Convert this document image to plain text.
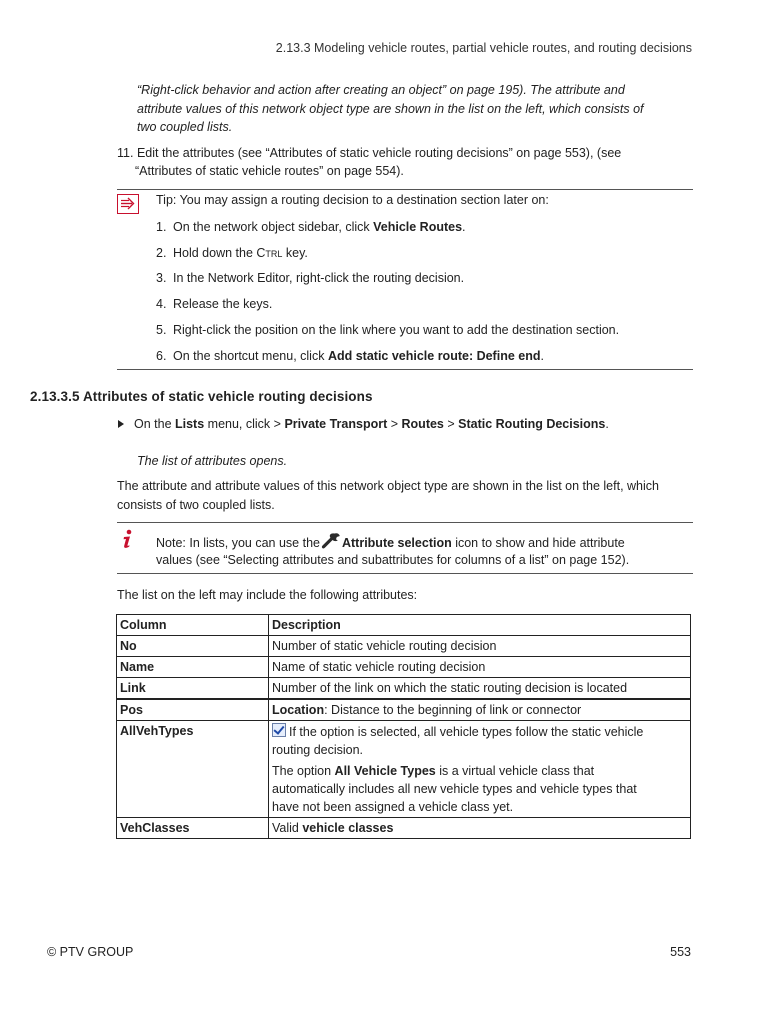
2.13.3 Modeling vehicle routes, partial vehicle routes, and routing decisions
“Right-click behavior and action after creating an object” on page 195). The attribute and
attribute values of this network object type are shown in the list on the left, which consists of
two coupled lists.
11. Edit the attributes (see “Attributes of static vehicle routing decisions” on page 553), (see
“Attributes of static vehicle routes” on page 554).
Tip: You may assign a routing decision to a destination section later on:
1. On the network object sidebar, click Vehicle Routes.
2. Hold down the Ctrl key.
3. In the Network Editor, right-click the routing decision.
4. Release the keys.
5. Right-click the position on the link where you want to add the destination section.
6. On the shortcut menu, click Add static vehicle route: Define end.
2.13.3.5 Attributes of static vehicle routing decisions
On the Lists menu, click > Private Transport > Routes > Static Routing Decisions.
The list of attributes opens.
The attribute and attribute values of this network object type are shown in the list on the left, which
consists of two coupled lists.
Note: In lists, you can use the Attribute selection icon to show and hide attribute
values (see “Selecting attributes and subattributes for columns of a list” on page 152).
The list on the left may include the following attributes:
Column	Description
No	Number of static vehicle routing decision
Name	Name of static vehicle routing decision
Link	Number of the link on which the static routing decision is located
Pos	Location: Distance to the beginning of link or connector
AllVehTypes	If the option is selected, all vehicle types follow the static vehicle
routing decision.
The option All Vehicle Types is a virtual vehicle class that
automatically includes all new vehicle types and vehicle types that
have not been assigned a vehicle class yet.

VehClasses	Valid vehicle classes
© PTV GROUP	553
